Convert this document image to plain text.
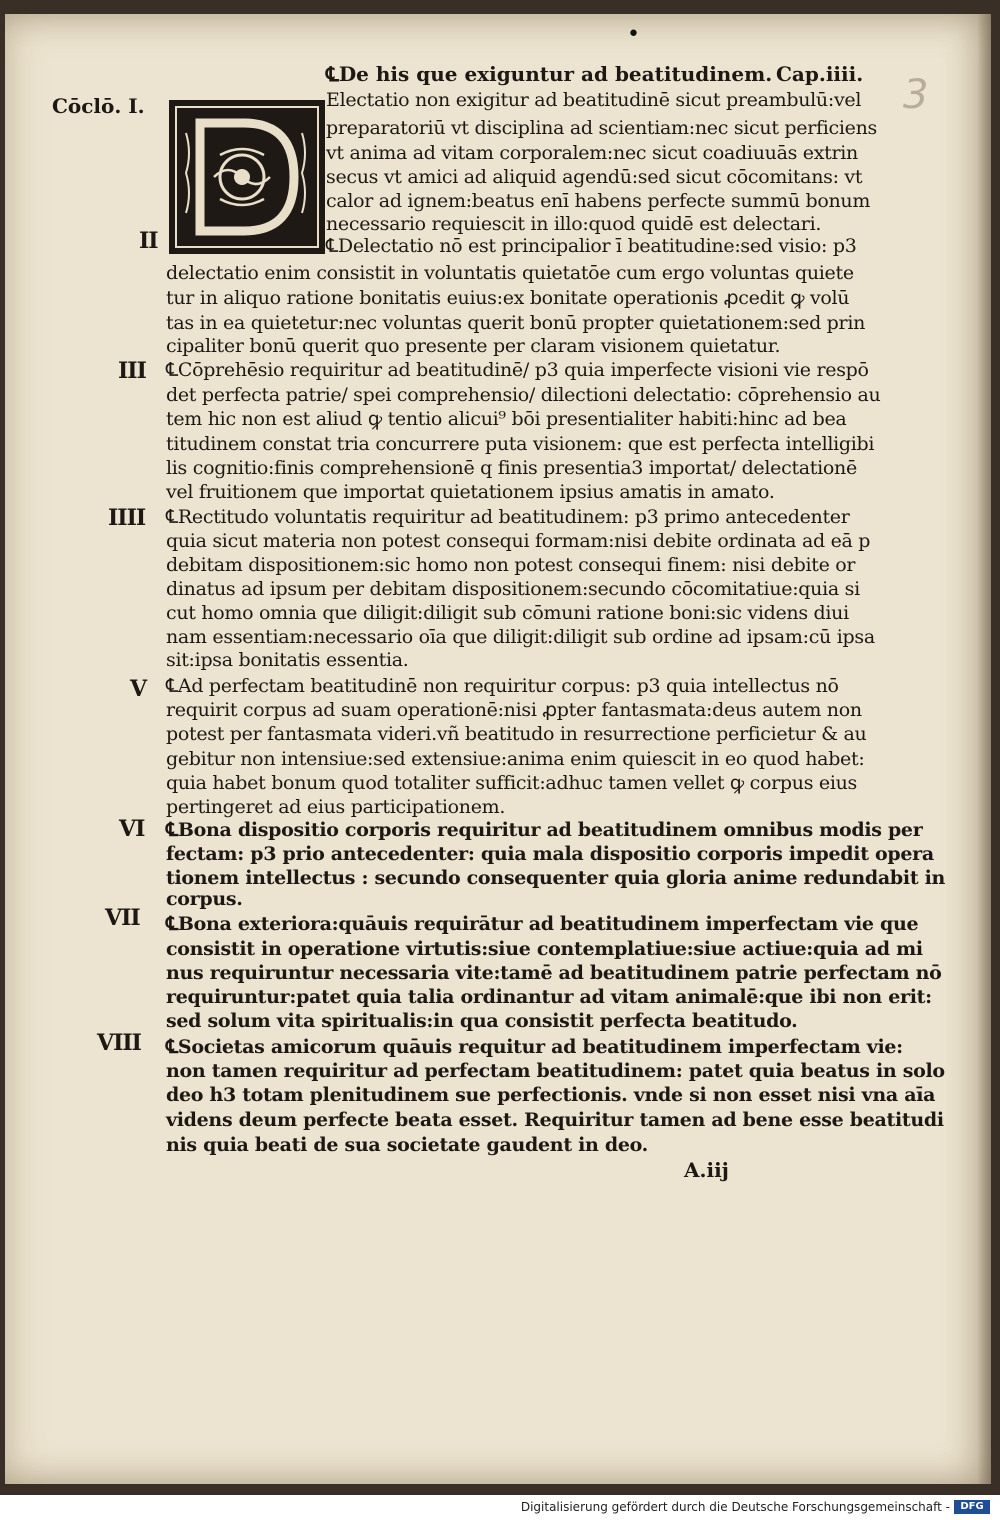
•
3
℄De his que exiguntur ad beatitudinem. Cap.iiii.
Cōclō. I.
II
III
IIII
V
VI
VII
VIII
Electatio non exigitur ad beatitudinē sicut preambulū:vel
preparatoriū vt disciplina ad scientiam:nec sicut perficiens
vt anima ad vitam corporalem:nec sicut coadiuuās extrin
secus vt amici ad aliquid agendū:sed sicut cōcomitans: vt
calor ad ignem:beatus enī habens perfecte summū bonum
necessario requiescit in illo:quod quidē est delectari.
℄Delectatio nō est principalior ī beatitudine:sed visio: p3
delectatio enim consistit in voluntatis quietatōe cum ergo voluntas quiete
tur in aliquo ratione bonitatis euius:ex bonitate operationis ꝓcedit ꝙ volū
tas in ea quietetur:nec voluntas querit bonū propter quietationem:sed prin
cipaliter bonū querit quo presente per claram visionem quietatur.
℄Cōprehēsio requiritur ad beatitudinē/ p3 quia imperfecte visioni vie respō
det perfecta patrie/ spei comprehensio/ dilectioni delectatio: cōprehensio au
tem hic non est aliud ꝙ tentio alicui⁹ bōi presentialiter habiti:hinc ad bea
titudinem constat tria concurrere puta visionem: que est perfecta intelligibi
lis cognitio:finis comprehensionē q finis presentia3 importat/ delectationē
vel fruitionem que importat quietationem ipsius amatis in amato.
℄Rectitudo voluntatis requiritur ad beatitudinem: p3 primo antecedenter
quia sicut materia non potest consequi formam:nisi debite ordinata ad eā p
debitam dispositionem:sic homo non potest consequi finem: nisi debite or
dinatus ad ipsum per debitam dispositionem:secundo cōcomitatiue:quia si
cut homo omnia que diligit:diligit sub cōmuni ratione boni:sic videns diui
nam essentiam:necessario oīa que diligit:diligit sub ordine ad ipsam:cū ipsa
sit:ipsa bonitatis essentia.
℄Ad perfectam beatitudinē non requiritur corpus: p3 quia intellectus nō
requirit corpus ad suam operationē:nisi ꝓpter fantasmata:deus autem non
potest per fantasmata videri.vñ beatitudo in resurrectione perficietur & au
gebitur non intensiue:sed extensiue:anima enim quiescit in eo quod habet:
quia habet bonum quod totaliter sufficit:adhuc tamen vellet ꝙ corpus eius
pertingeret ad eius participationem.
℄Bona dispositio corporis requiritur ad beatitudinem omnibus modis per
fectam: p3 prio antecedenter: quia mala dispositio corporis impedit opera
tionem intellectus : secundo consequenter quia gloria anime redundabit in
corpus.
℄Bona exteriora:quāuis requirātur ad beatitudinem imperfectam vie que
consistit in operatione virtutis:siue contemplatiue:siue actiue:quia ad mi
nus requiruntur necessaria vite:tamē ad beatitudinem patrie perfectam nō
requiruntur:patet quia talia ordinantur ad vitam animalē:que ibi non erit:
sed solum vita spiritualis:in qua consistit perfecta beatitudo.
℄Societas amicorum quāuis requitur ad beatitudinem imperfectam vie:
non tamen requiritur ad perfectam beatitudinem: patet quia beatus in solo
deo h3 totam plenitudinem sue perfectionis. vnde si non esset nisi vna aīa
videns deum perfecte beata esset. Requiritur tamen ad bene esse beatitudi
nis quia beati de sua societate gaudent in deo.
A.iij
Digitalisierung gefördert durch die Deutsche Forschungsgemeinschaft -	DFG
